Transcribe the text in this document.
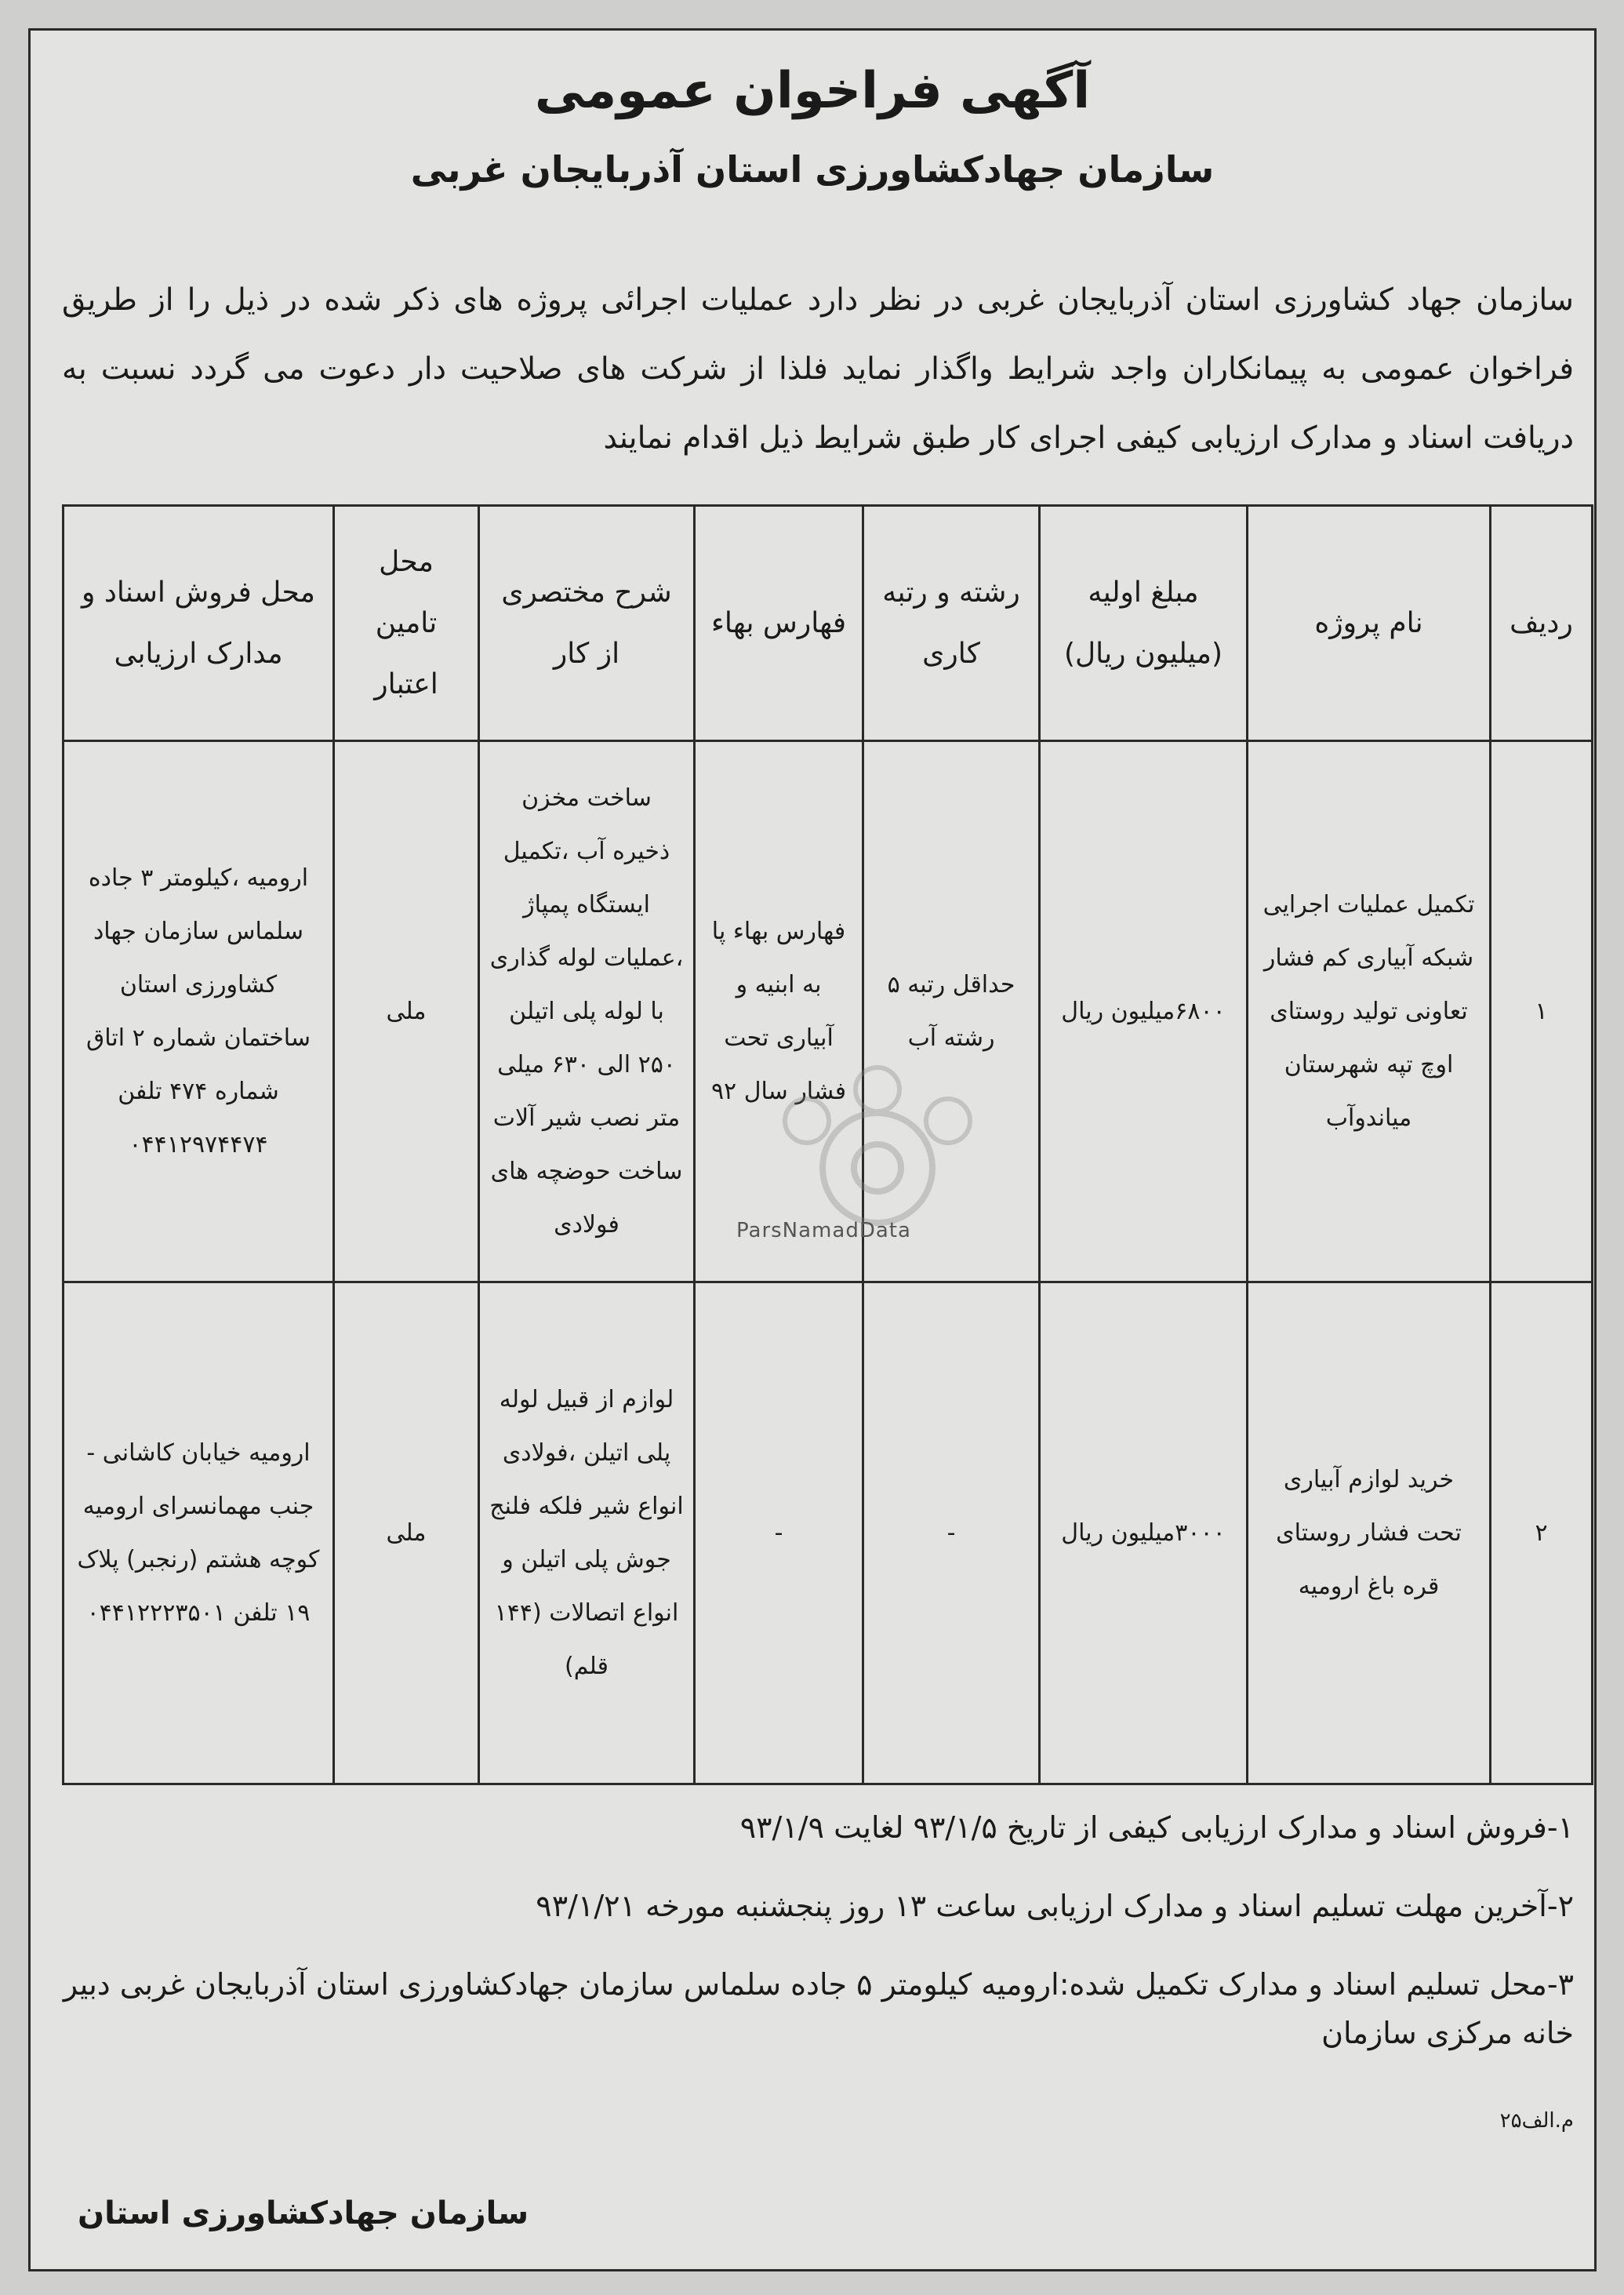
آگهی فراخوان عمومی
سازمان جهادکشاورزی استان آذربایجان غربی
سازمان جهاد کشاورزی استان آذربایجان غربی در نظر دارد عملیات اجرائی پروژه های ذکر شده در ذیل را از طریق فراخوان عمومی به پیمانکاران واجد شرایط واگذار نماید فلذا از شرکت های صلاحیت دار دعوت می گردد نسبت به دریافت اسناد و مدارک ارزیابی کیفی اجرای کار طبق شرایط ذیل اقدام نمایند
ردیف	نام پروژه	مبلغ اولیه (میلیون ریال)	رشته و رتبه کاری	فهارس بهاء	شرح مختصری از کار	محل تامین اعتبار	محل فروش اسناد و مدارک ارزیابی
۱	تکمیل عملیات اجرایی شبکه آبیاری کم فشار تعاونی تولید روستای اوچ تپه شهرستان میاندوآب	۶۸۰۰میلیون ریال	حداقل رتبه ۵ رشته آب	فهارس بهاء پا به ابنیه و آبیاری تحت فشار سال ۹۲	ساخت مخزن ذخیره آب ،تکمیل ایستگاه پمپاژ ،عملیات لوله گذاری با لوله پلی اتیلن ۲۵۰ الی ۶۳۰ میلی متر نصب شیر آلات ساخت حوضچه های فولادی	ملی	ارومیه ،کیلومتر ۳ جاده سلماس سازمان جهاد کشاورزی استان ساختمان شماره ۲ اتاق شماره ۴۷۴ تلفن ۰۴۴۱۲۹۷۴۴۷۴
۲	خرید لوازم آبیاری تحت فشار روستای قره باغ ارومیه	۳۰۰۰میلیون ریال	-	-	لوازم از قبیل لوله پلی اتیلن ،فولادی انواع شیر فلکه فلنج جوش پلی اتیلن و انواع اتصالات (۱۴۴ قلم)	ملی	ارومیه خیابان کاشانی - جنب مهمانسرای ارومیه کوچه هشتم (رنجبر) پلاک ۱۹ تلفن ۰۴۴۱۲۲۲۳۵۰۱
ParsNamadData

۱-فروش اسناد و مدارک ارزیابی کیفی از تاریخ ۹۳/۱/۵ لغایت ۹۳/۱/۹

۲-آخرین مهلت تسلیم اسناد و مدارک ارزیابی ساعت ۱۳ روز پنجشنبه مورخه ۹۳/۱/۲۱

۳-محل تسلیم اسناد و مدارک تکمیل شده:ارومیه کیلومتر ۵ جاده سلماس سازمان جهادکشاورزی استان آذربایجان غربی دبیر خانه مرکزی سازمان

م.الف۲۵
سازمان جهادکشاورزی استان
